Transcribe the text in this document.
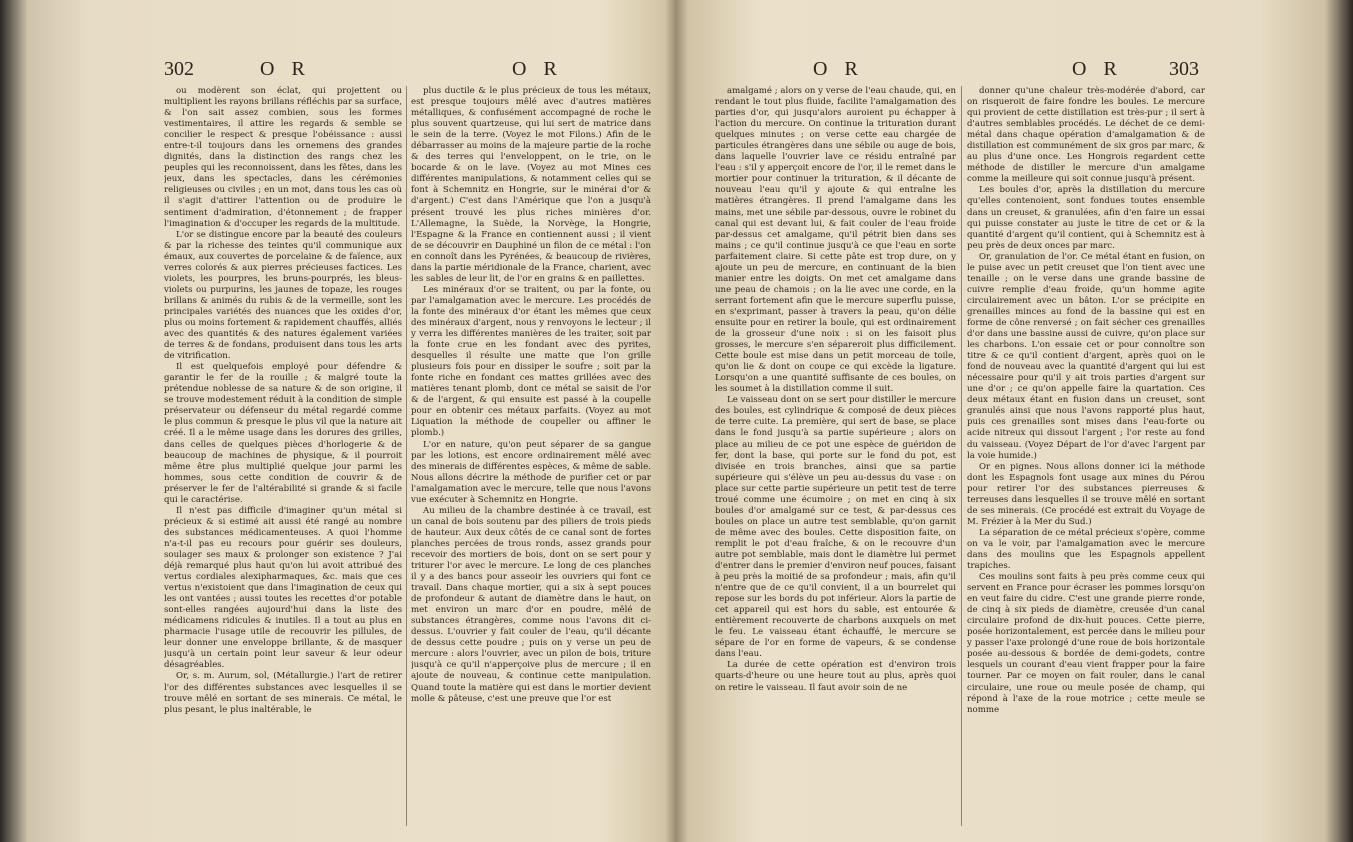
302	O R	O R

ou modèrent son éclat, qui projettent ou multiplient les rayons brillans réfléchis par sa surface, & l'on sait assez combien, sous les formes vestimentaires, il attire les regards & semble se concilier le respect & presque l'obéissance : aussi entre-t-il toujours dans les ornemens des grandes dignités, dans la distinction des rangs chez les peuples qui les reconnoissent, dans les fêtes, dans les jeux, dans les spectacles, dans les cérémonies religieuses ou civiles ; en un mot, dans tous les cas où il s'agit d'attirer l'attention ou de produire le sentiment d'admiration, d'étonnement ; de frapper l'imagination & d'occuper les regards de la multitude.

L'or se distingue encore par la beauté des couleurs & par la richesse des teintes qu'il communique aux émaux, aux couvertes de porcelaine & de faïence, aux verres colorés & aux pierres précieuses factices. Les violets, les pourpres, les bruns-pourprés, les bleus-violets ou purpurins, les jaunes de topaze, les rouges brillans & animés du rubis & de la vermeille, sont les principales variétés des nuances que les oxides d'or, plus ou moins fortement & rapidement chauffés, alliés avec des quantités & des natures également variées de terres & de fondans, produisent dans tous les arts de vitrification.

Il est quelquefois employé pour défendre & garantir le fer de la rouille ; & malgré toute la prétendue noblesse de sa nature & de son origine, il se trouve modestement réduit à la condition de simple préservateur ou défenseur du métal regardé comme le plus commun & presque le plus vil que la nature ait créé. Il a le même usage dans les dorures des grilles, dans celles de quelques pièces d'horlogerie & de beaucoup de machines de physique, & il pourroit même être plus multiplié quelque jour parmi les hommes, sous cette condition de couvrir & de préserver le fer de l'altérabilité si grande & si facile qui le caractérise.

Il n'est pas difficile d'imaginer qu'un métal si précieux & si estimé ait aussi été rangé au nombre des substances médicamenteuses. A quoi l'homme n'a-t-il pas eu recours pour guérir ses douleurs, soulager ses maux & prolonger son existence ? J'ai déjà remarqué plus haut qu'on lui avoit attribué des vertus cordiales alexipharmaques, &c. mais que ces vertus n'existoient que dans l'imagination de ceux qui les ont vantées ; aussi toutes les recettes d'or potable sont-elles rangées aujourd'hui dans la liste des médicamens ridicules & inutiles. Il a tout au plus en pharmacie l'usage utile de recouvrir les pillules, de leur donner une enveloppe brillante, & de masquer jusqu'à un certain point leur saveur & leur odeur désagréables.

Or, s. m. Aurum, sol, (Métallurgie.) l'art de retirer l'or des différentes substances avec lesquelles il se trouve mêlé en sortant de ses minerais. Ce métal, le plus pesant, le plus inaltérable, le

plus ductile & le plus précieux de tous les métaux, est presque toujours mêlé avec d'autres matières métalliques, & confusément accompagné de roche le plus souvent quartzeuse, qui lui sert de matrice dans le sein de la terre. (Voyez le mot Filons.) Afin de le débarrasser au moins de la majeure partie de la roche & des terres qui l'enveloppent, on le trie, on le bocarde & on le lave. (Voyez au mot Mines ces différentes manipulations, & notamment celles qui se font à Schemnitz en Hongrie, sur le minérai d'or & d'argent.) C'est dans l'Amérique que l'on a jusqu'à présent trouvé les plus riches minières d'or. L'Allemagne, la Suède, la Norvège, la Hongrie, l'Espagne & la France en contiennent aussi ; il vient de se découvrir en Dauphiné un filon de ce métal : l'on en connoît dans les Pyrénées, & beaucoup de rivières, dans la partie méridionale de la France, charient, avec les sables de leur lit, de l'or en grains & en paillettes.

Les minéraux d'or se traitent, ou par la fonte, ou par l'amalgamation avec le mercure. Les procédés de la fonte des minéraux d'or étant les mêmes que ceux des minéraux d'argent, nous y renvoyons le lecteur ; il y verra les différentes manières de les traiter, soit par la fonte crue en les fondant avec des pyrites, desquelles il résulte une matte que l'on grille plusieurs fois pour en dissiper le soufre ; soit par la fonte riche en fondant ces mattes grillées avec des matières tenant plomb, dont ce métal se saisit de l'or & de l'argent, & qui ensuite est passé à la coupelle pour en obtenir ces métaux parfaits. (Voyez au mot Liquation la méthode de coupeller ou affiner le plomb.)

L'or en nature, qu'on peut séparer de sa gangue par les lotions, est encore ordinairement mêlé avec des minerais de différentes espèces, & même de sable. Nous allons décrire la méthode de purifier cet or par l'amalgamation avec le mercure, telle que nous l'avons vue exécuter à Schemnitz en Hongrie.

Au milieu de la chambre destinée à ce travail, est un canal de bois soutenu par des piliers de trois pieds de hauteur. Aux deux côtés de ce canal sont de fortes planches percées de trous ronds, assez grands pour recevoir des mortiers de bois, dont on se sert pour y triturer l'or avec le mercure. Le long de ces planches il y a des bancs pour asseoir les ouvriers qui font ce travail. Dans chaque mortier, qui a six à sept pouces de profondeur & autant de diamètre dans le haut, on met environ un marc d'or en poudre, mêlé de substances étrangères, comme nous l'avons dit ci-dessus. L'ouvrier y fait couler de l'eau, qu'il décante de dessus cette poudre ; puis on y verse un peu de mercure : alors l'ouvrier, avec un pilon de bois, triture jusqu'à ce qu'il n'apperçoive plus de mercure ; il en ajoute de nouveau, & continue cette manipulation. Quand toute la matière qui est dans le mortier devient molle & pâteuse, c'est une preuve que l'or est

O R	O R 303

amalgamé ; alors on y verse de l'eau chaude, qui, en rendant le tout plus fluide, facilite l'amalgamation des parties d'or, qui jusqu'alors auroient pu échapper à l'action du mercure. On continue la trituration durant quelques minutes ; on verse cette eau chargée de particules étrangères dans une sébile ou auge de bois, dans laquelle l'ouvrier lave ce résidu entraîné par l'eau : s'il y apperçoit encore de l'or, il le remet dans le mortier pour continuer la trituration, & il décante de nouveau l'eau qu'il y ajoute & qui entraîne les matières étrangères. Il prend l'amalgame dans les mains, met une sébile par-dessous, ouvre le robinet du canal qui est devant lui, & fait couler de l'eau froide par-dessus cet amalgame, qu'il pétrit bien dans ses mains ; ce qu'il continue jusqu'à ce que l'eau en sorte parfaitement claire. Si cette pâte est trop dure, on y ajoute un peu de mercure, en continuant de la bien manier entre les doigts. On met cet amalgame dans une peau de chamois ; on la lie avec une corde, en la serrant fortement afin que le mercure superflu puisse, en s'exprimant, passer à travers la peau, qu'on délie ensuite pour en retirer la boule, qui est ordinairement de la grosseur d'une noix : si on les faisoit plus grosses, le mercure s'en sépareroit plus difficilement. Cette boule est mise dans un petit morceau de toile, qu'on lie & dont on coupe ce qui excède la ligature. Lorsqu'on a une quantité suffisante de ces boules, on les soumet à la distillation comme il suit.

Le vaisseau dont on se sert pour distiller le mercure des boules, est cylindrique & composé de deux pièces de terre cuite. La première, qui sert de base, se place dans le fond jusqu'à sa partie supérieure ; alors on place au milieu de ce pot une espèce de guéridon de fer, dont la base, qui porte sur le fond du pot, est divisée en trois branches, ainsi que sa partie supérieure qui s'élève un peu au-dessus du vase : on place sur cette partie supérieure un petit test de terre troué comme une écumoire ; on met en cinq à six boules d'or amalgamé sur ce test, & par-dessus ces boules on place un autre test semblable, qu'on garnit de même avec des boules. Cette disposition faite, on remplit le pot d'eau fraîche, & on le recouvre d'un autre pot semblable, mais dont le diamètre lui permet d'entrer dans le premier d'environ neuf pouces, faisant à peu près la moitié de sa profondeur ; mais, afin qu'il n'entre que de ce qu'il convient, il a un bourrelet qui repose sur les bords du pot inférieur. Alors la partie de cet appareil qui est hors du sable, est entourée & entièrement recouverte de charbons auxquels on met le feu. Le vaisseau étant échauffé, le mercure se sépare de l'or en forme de vapeurs, & se condense dans l'eau.

La durée de cette opération est d'environ trois quarts-d'heure ou une heure tout au plus, après quoi on retire le vaisseau. Il faut avoir soin de ne

donner qu'une chaleur très-modérée d'abord, car on risqueroit de faire fondre les boules. Le mercure qui provient de cette distillation est très-pur ; il sert à d'autres semblables procédés. Le déchet de ce demi-métal dans chaque opération d'amalgamation & de distillation est communément de six gros par marc, & au plus d'une once. Les Hongrois regardent cette méthode de distiller le mercure d'un amalgame comme la meilleure qui soit connue jusqu'à présent.

Les boules d'or, après la distillation du mercure qu'elles contenoient, sont fondues toutes ensemble dans un creuset, & granulées, afin d'en faire un essai qui puisse constater au juste le titre de cet or & la quantité d'argent qu'il contient, qui à Schemnitz est à peu près de deux onces par marc.

Or, granulation de l'or. Ce métal étant en fusion, on le puise avec un petit creuset que l'on tient avec une tenaille ; on le verse dans une grande bassine de cuivre remplie d'eau froide, qu'un homme agite circulairement avec un bâton. L'or se précipite en grenailles minces au fond de la bassine qui est en forme de cône renversé ; on fait sécher ces grenailles d'or dans une bassine aussi de cuivre, qu'on place sur les charbons. L'on essaie cet or pour connoître son titre & ce qu'il contient d'argent, après quoi on le fond de nouveau avec la quantité d'argent qui lui est nécessaire pour qu'il y ait trois parties d'argent sur une d'or ; ce qu'on appelle faire la quartation. Ces deux métaux étant en fusion dans un creuset, sont granulés ainsi que nous l'avons rapporté plus haut, puis ces grenailles sont mises dans l'eau-forte ou acide nitreux qui dissout l'argent ; l'or reste au fond du vaisseau. (Voyez Départ de l'or d'avec l'argent par la voie humide.)

Or en pignes. Nous allons donner ici la méthode dont les Espagnols font usage aux mines du Pérou pour retirer l'or des substances pierreuses & terreuses dans lesquelles il se trouve mêlé en sortant de ses minerais. (Ce procédé est extrait du Voyage de M. Frézier à la Mer du Sud.)

La séparation de ce métal précieux s'opère, comme on va le voir, par l'amalgamation avec le mercure dans des moulins que les Espagnols appellent trapiches.

Ces moulins sont faits à peu près comme ceux qui servent en France pour écraser les pommes lorsqu'on en veut faire du cidre. C'est une grande pierre ronde, de cinq à six pieds de diamètre, creusée d'un canal circulaire profond de dix-huit pouces. Cette pierre, posée horizontalement, est percée dans le milieu pour y passer l'axe prolongé d'une roue de bois horizontale posée au-dessous & bordée de demi-godets, contre lesquels un courant d'eau vient frapper pour la faire tourner. Par ce moyen on fait rouler, dans le canal circulaire, une roue ou meule posée de champ, qui répond à l'axe de la roue motrice ; cette meule se nomme
